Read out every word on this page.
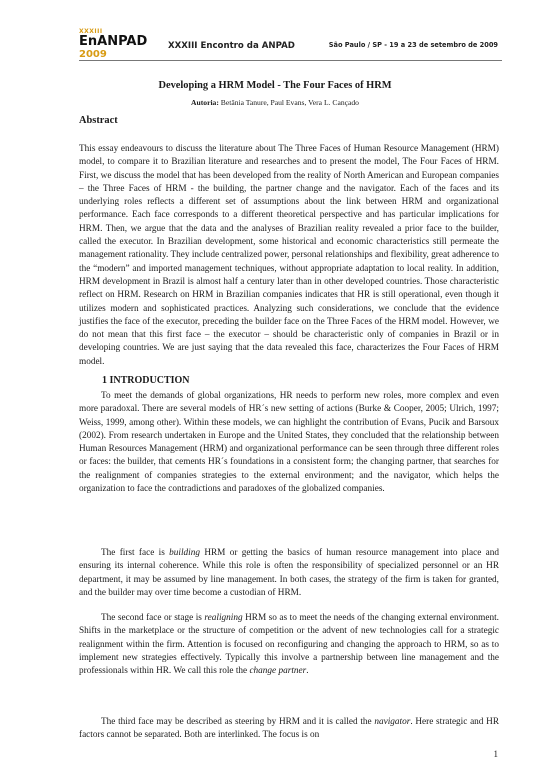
XXXIII
EnANPAD
2009
XXXIII Encontro da ANPAD	São Paulo / SP - 19 a 23 de setembro de 2009
Developing a HRM Model - The Four Faces of HRM
Autoria: Betânia Tanure, Paul Evans, Vera L. Cançado
Abstract
This essay endeavours to discuss the literature about The Three Faces of Human Resource Management (HRM) model, to compare it to Brazilian literature and researches and to present the model, The Four Faces of HRM. First, we discuss the model that has been developed from the reality of North American and European companies – the Three Faces of HRM - the building, the partner change and the navigator. Each of the faces and its underlying roles reflects a different set of assumptions about the link between HRM and organizational performance. Each face corresponds to a different theoretical perspective and has particular implications for HRM. Then, we argue that the data and the analyses of Brazilian reality revealed a prior face to the builder, called the executor. In Brazilian development, some historical and economic characteristics still permeate the management rationality. They include centralized power, personal relationships and flexibility, great adherence to the “modern” and imported management techniques, without appropriate adaptation to local reality. In addition, HRM development in Brazil is almost half a century later than in other developed countries. Those characteristic reflect on HRM. Research on HRM in Brazilian companies indicates that HR is still operational, even though it utilizes modern and sophisticated practices. Analyzing such considerations, we conclude that the evidence justifies the face of the executor, preceding the builder face on the Three Faces of the HRM model. However, we do not mean that this first face – the executor – should be characteristic only of companies in Brazil or in developing countries. We are just saying that the data revealed this face, characterizes the Four Faces of HRM model.
1 INTRODUCTION
To meet the demands of global organizations, HR needs to perform new roles, more complex and even more paradoxal. There are several models of HR´s new setting of actions (Burke & Cooper, 2005; Ulrich, 1997; Weiss, 1999, among other). Within these models, we can highlight the contribution of Evans, Pucik and Barsoux (2002). From research undertaken in Europe and the United States, they concluded that the relationship between Human Resources Management (HRM) and organizational performance can be seen through three different roles or faces: the builder, that cements HR´s foundations in a consistent form; the changing partner, that searches for the realignment of companies strategies to the external environment; and the navigator, which helps the organization to face the contradictions and paradoxes of the globalized companies.
The first face is building HRM or getting the basics of human resource management into place and ensuring its internal coherence. While this role is often the responsibility of specialized personnel or an HR department, it may be assumed by line management. In both cases, the strategy of the firm is taken for granted, and the builder may over time become a custodian of HRM.
The second face or stage is realigning HRM so as to meet the needs of the changing external environment. Shifts in the marketplace or the structure of competition or the advent of new technologies call for a strategic realignment within the firm. Attention is focused on reconfiguring and changing the approach to HRM, so as to implement new strategies effectively. Typically this involve a partnership between line management and the professionals within HR. We call this role the change partner.
The third face may be described as steering by HRM and it is called the navigator. Here strategic and HR factors cannot be separated. Both are interlinked. The focus is on
1
